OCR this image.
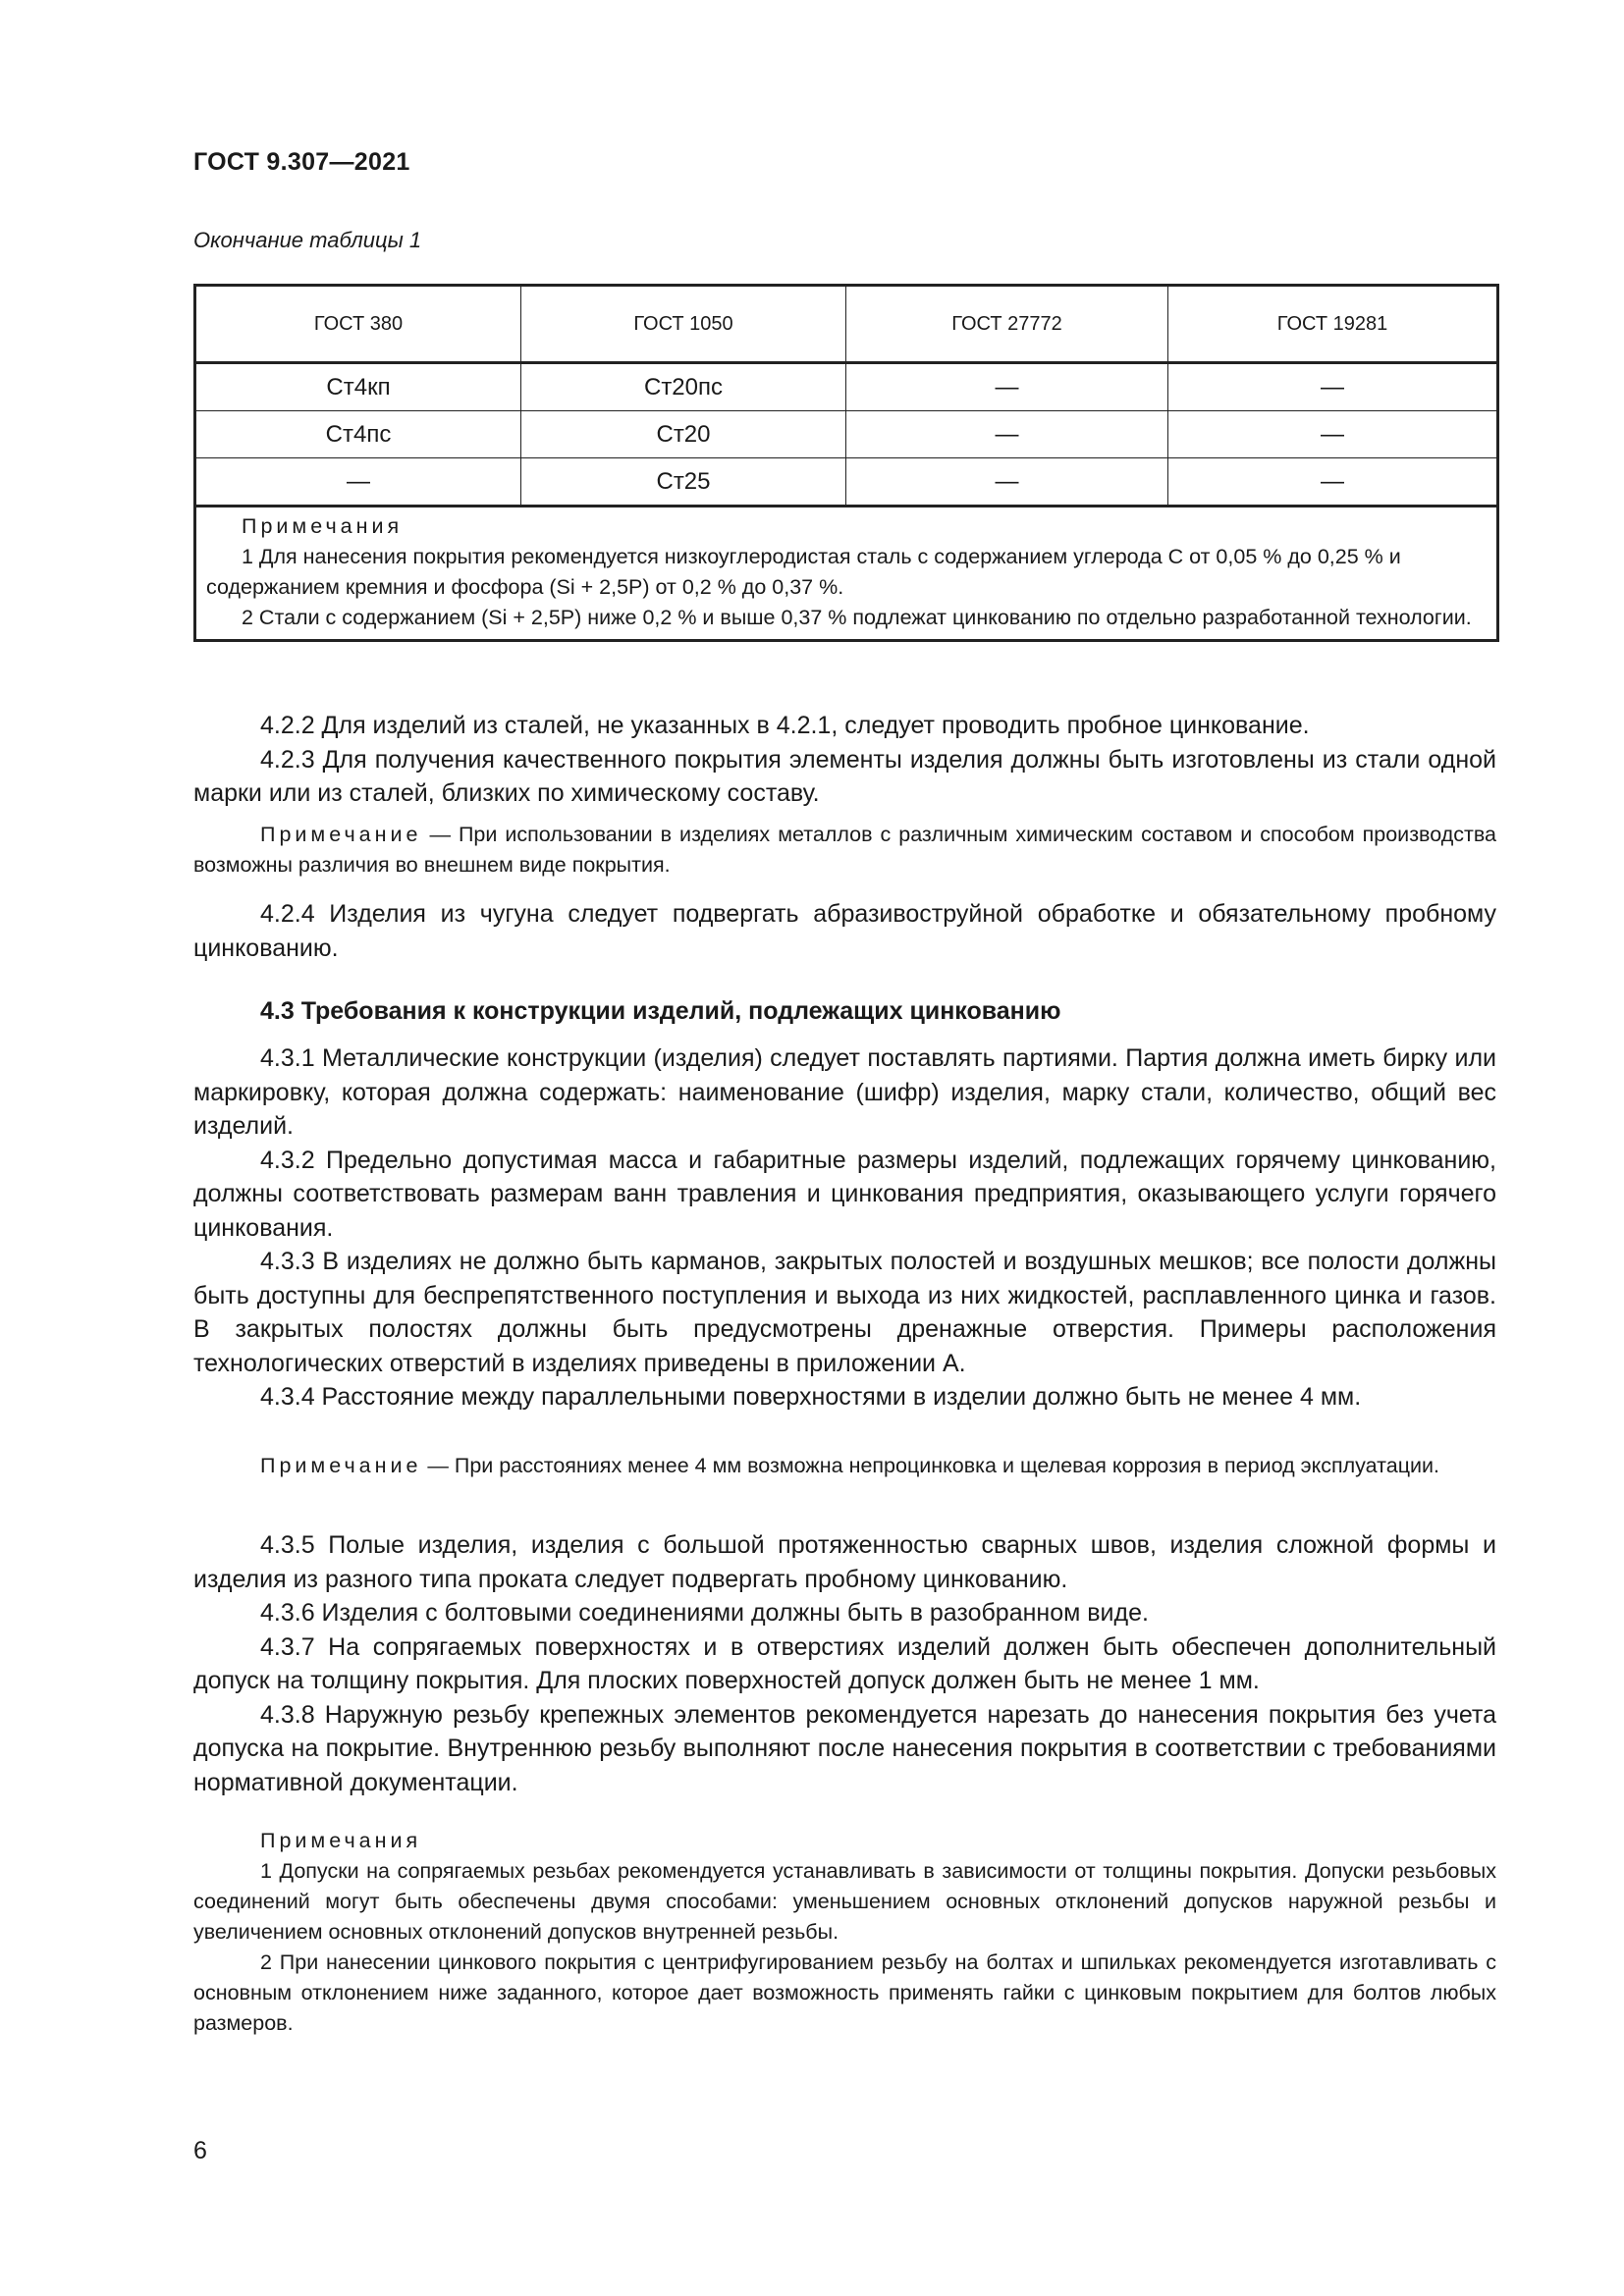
ГОСТ 9.307—2021
Окончание таблицы 1
ГОСТ 380	ГОСТ 1050	ГОСТ 27772	ГОСТ 19281
Ст4кп	Ст20пс	—	—
Ст4пс	Ст20	—	—
—	Ст25	—	—

Примечания
1 Для нанесения покрытия рекомендуется низкоуглеродистая сталь с содержанием углерода С от 0,05 % до 0,25 % и содержанием кремния и фосфора (Si + 2,5P) от 0,2 % до 0,37 %.
2 Стали с содержанием (Si + 2,5P) ниже 0,2 % и выше 0,37 % подлежат цинкованию по отдельно разработанной технологии.			

4.2.2 Для изделий из сталей, не указанных в 4.2.1, следует проводить пробное цинкование.

4.2.3 Для получения качественного покрытия элементы изделия должны быть изготовлены из стали одной марки или из сталей, близких по химическому составу.

Примечание — При использовании в изделиях металлов с различным химическим составом и способом производства возможны различия во внешнем виде покрытия.

4.2.4 Изделия из чугуна следует подвергать абразивоструйной обработке и обязательному пробному цинкованию.

4.3 Требования к конструкции изделий, подлежащих цинкованию

4.3.1 Металлические конструкции (изделия) следует поставлять партиями. Партия должна иметь бирку или маркировку, которая должна содержать: наименование (шифр) изделия, марку стали, количество, общий вес изделий.

4.3.2 Предельно допустимая масса и габаритные размеры изделий, подлежащих горячему цинкованию, должны соответствовать размерам ванн травления и цинкования предприятия, оказывающего услуги горячего цинкования.

4.3.3 В изделиях не должно быть карманов, закрытых полостей и воздушных мешков; все полости должны быть доступны для беспрепятственного поступления и выхода из них жидкостей, расплавленного цинка и газов. В закрытых полостях должны быть предусмотрены дренажные отверстия. Примеры расположения технологических отверстий в изделиях приведены в приложении А.

4.3.4 Расстояние между параллельными поверхностями в изделии должно быть не менее 4 мм.

Примечание — При расстояниях менее 4 мм возможна непроцинковка и щелевая коррозия в период эксплуатации.

4.3.5 Полые изделия, изделия с большой протяженностью сварных швов, изделия сложной формы и изделия из разного типа проката следует подвергать пробному цинкованию.

4.3.6 Изделия с болтовыми соединениями должны быть в разобранном виде.

4.3.7 На сопрягаемых поверхностях и в отверстиях изделий должен быть обеспечен дополнительный допуск на толщину покрытия. Для плоских поверхностей допуск должен быть не менее 1 мм.

4.3.8 Наружную резьбу крепежных элементов рекомендуется нарезать до нанесения покрытия без учета допуска на покрытие. Внутреннюю резьбу выполняют после нанесения покрытия в соответствии с требованиями нормативной документации.

Примечания

1 Допуски на сопрягаемых резьбах рекомендуется устанавливать в зависимости от толщины покрытия. Допуски резьбовых соединений могут быть обеспечены двумя способами: уменьшением основных отклонений допусков наружной резьбы и увеличением основных отклонений допусков внутренней резьбы.

2 При нанесении цинкового покрытия с центрифугированием резьбу на болтах и шпильках рекомендуется изготавливать с основным отклонением ниже заданного, которое дает возможность применять гайки с цинковым покрытием для болтов любых размеров.

6
